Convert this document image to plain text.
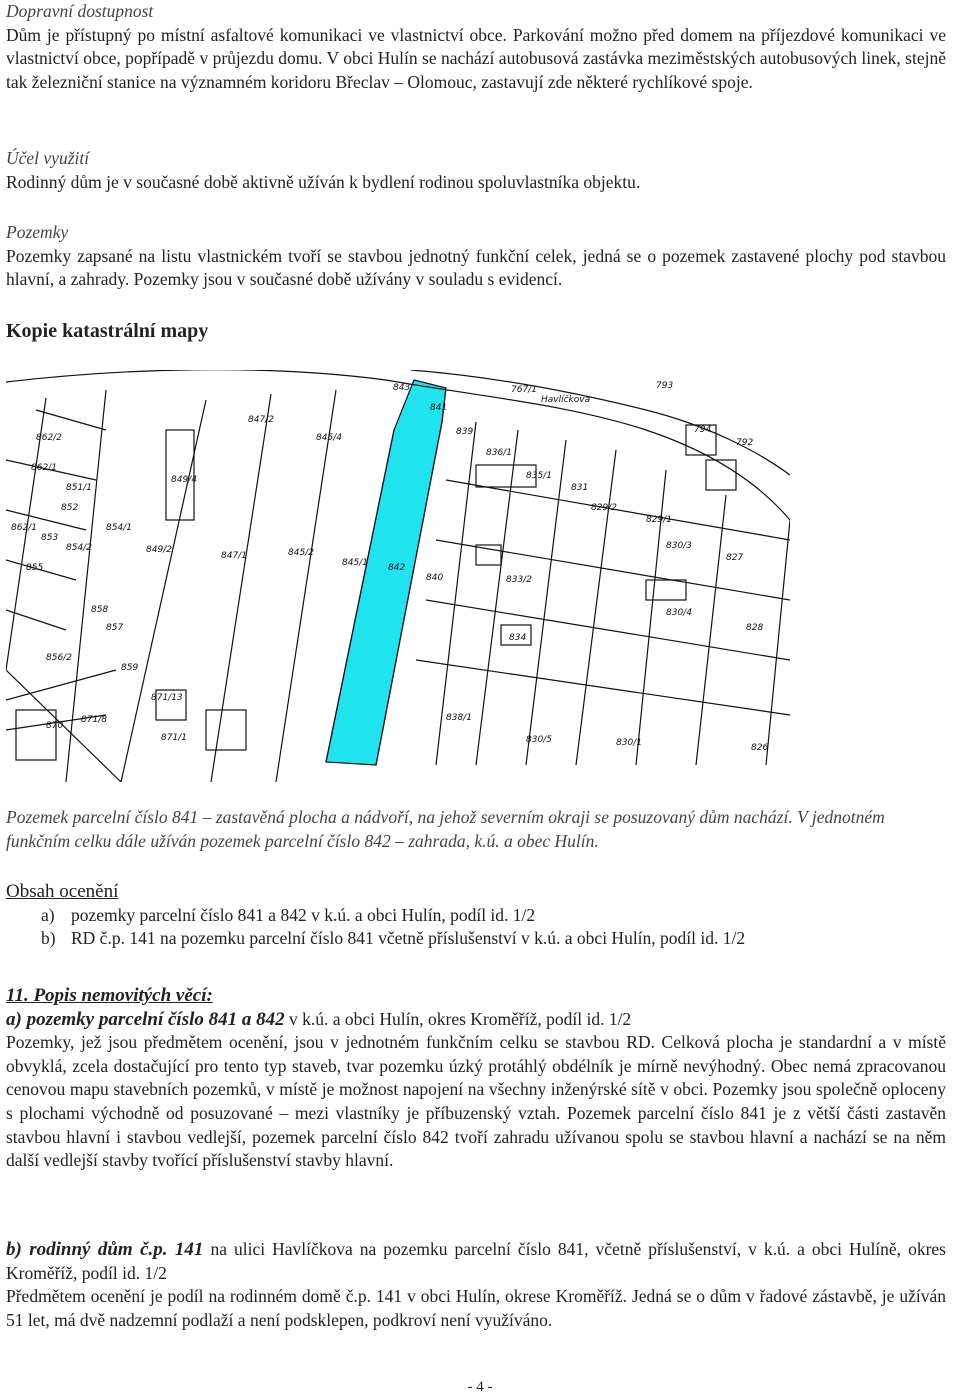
Dopravní dostupnost

Dům je přístupný po místní asfaltové komunikaci ve vlastnictví obce. Parkování možno před domem na příjezdové komunikaci ve vlastnictví obce, popřípadě v průjezdu domu. V obci Hulín se nachází autobusová zastávka meziměstských autobusových linek, stejně tak železniční stanice na významném koridoru Břeclav – Olomouc, zastavují zde některé rychlíkové spoje.

Účel využití

Rodinný dům je v současné době aktivně užíván k bydlení rodinou spoluvlastníka objektu.

Pozemky

Pozemky zapsané na listu vlastnickém tvoří se stavbou jednotný funkční celek, jedná se o pozemek zastavené plochy pod stavbou hlavní, a zahrady. Pozemky jsou v současné době užívány v souladu s evidencí.

Kopie katastrální mapy

843	767/1	793
Havlíčkova
841
847/2
845/4
862/2
839
836/1
794
792
862/1
851/1
849/4	835/1
831
852	829/2
829/1
830/3
862/1	854/1
849/2	845/2
845/1 842
840
827
853
854/2
847/1
833/2
855
858
857
830/4
834
828
856/2
859
870
871/8
871/13
871/1
838/1
830/5	830/1	826

Pozemek parcelní číslo 841 – zastavěná plocha a nádvoří, na jehož severním okraji se posuzovaný dům nachází. V jednotném funkčním celku dále užíván pozemek parcelní číslo 842 – zahrada, k.ú. a obec Hulín.

Obsah ocenění

a) pozemky parcelní číslo 841 a 842 v k.ú. a obci Hulín, podíl id. 1/2
b) RD č.p. 141 na pozemku parcelní číslo 841 včetně příslušenství v k.ú. a obci Hulín, podíl id. 1/2

11. Popis nemovitých věcí:

a) pozemky parcelní číslo 841 a 842 v k.ú. a obci Hulín, okres Kroměříž, podíl id. 1/2

Pozemky, jež jsou předmětem ocenění, jsou v jednotném funkčním celku se stavbou RD. Celková plocha je standardní a v místě obvyklá, zcela dostačující pro tento typ staveb, tvar pozemku úzký protáhlý obdélník je mírně nevýhodný. Obec nemá zpracovanou cenovou mapu stavebních pozemků, v místě je možnost napojení na všechny inženýrské sítě v obci. Pozemky jsou společně oploceny s plochami východně od posuzované – mezi vlastníky je příbuzenský vztah. Pozemek parcelní číslo 841 je z větší části zastavěn stavbou hlavní i stavbou vedlejší, pozemek parcelní číslo 842 tvoří zahradu užívanou spolu se stavbou hlavní a nachází se na něm další vedlejší stavby tvořící příslušenství stavby hlavní.

b) rodinný dům č.p. 141 na ulici Havlíčkova na pozemku parcelní číslo 841, včetně příslušenství, v k.ú. a obci Hulíně, okres Kroměříž, podíl id. 1/2

Předmětem ocenění je podíl na rodinném domě č.p. 141 v obci Hulín, okrese Kroměříž. Jedná se o dům v řadové zástavbě, je užíván 51 let, má dvě nadzemní podlaží a není podsklepen, podkroví není využíváno.

- 4 -
